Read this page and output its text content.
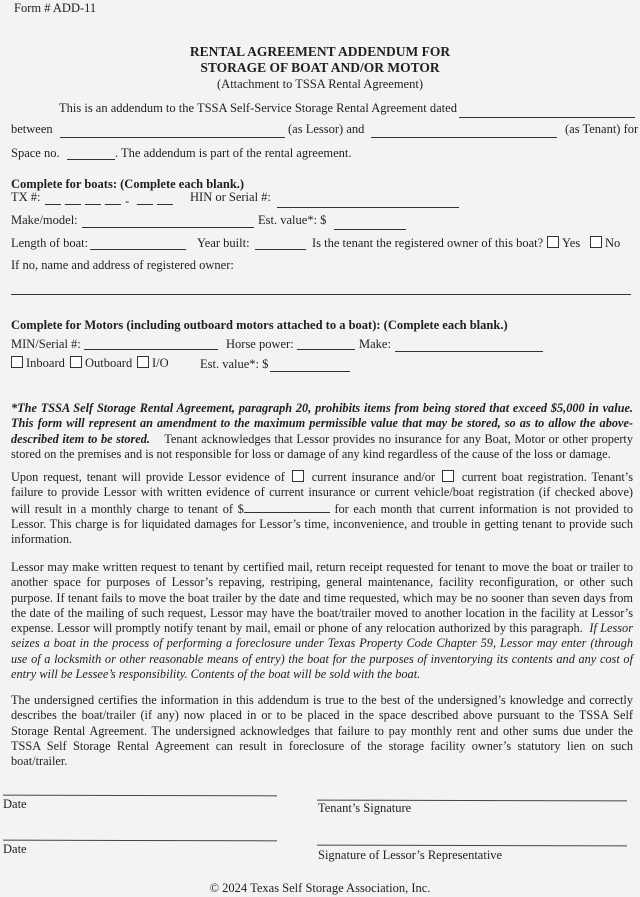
Form # ADD-11
RENTAL AGREEMENT ADDENDUM FOR
STORAGE OF BOAT AND/OR MOTOR
(Attachment to TSSA Rental Agreement)
This is an addendum to the TSSA Self-Service Storage Rental Agreement dated
between	(as Lessor) and	(as Tenant) for
Space no.	. The addendum is part of the rental agreement.
Complete for boats: (Complete each blank.)
TX #:	-	HIN or Serial #:
Make/model:	Est. value*: $
Length of boat:	Year built:	Is the tenant the registered owner of this boat?	Yes	No
If no, name and address of registered owner:
Complete for Motors (including outboard motors attached to a boat): (Complete each blank.)
MIN/Serial #:	Horse power:	Make:
Inboard	Outboard	I/O	Est. value*: $
*The TSSA Self Storage Rental Agreement, paragraph 20, prohibits items from being stored that exceed $5,000 in value. This form will represent an amendment to the maximum permissible value that may be stored, so as to allow the above-described item to be stored. Tenant acknowledges that Lessor provides no insurance for any Boat, Motor or other property stored on the premises and is not responsible for loss or damage of any kind regardless of the cause of the loss or damage.
Upon request, tenant will provide Lessor evidence of current insurance and/or current boat registration. Tenant’s failure to provide Lessor with written evidence of current insurance or current vehicle/boat registration (if checked above) will result in a monthly charge to tenant of $	for each month that current information is not provided to Lessor. This charge is for liquidated damages for Lessor’s time, inconvenience, and trouble in getting tenant to provide such information.
Lessor may make written request to tenant by certified mail, return receipt requested for tenant to move the boat or trailer to another space for purposes of Lessor’s repaving, restriping, general maintenance, facility reconfiguration, or other such purpose. If tenant fails to move the boat trailer by the date and time requested, which may be no sooner than seven days from the date of the mailing of such request, Lessor may have the boat/trailer moved to another location in the facility at Lessor’s expense. Lessor will promptly notify tenant by mail, email or phone of any relocation authorized by this paragraph. If Lessor seizes a boat in the process of performing a foreclosure under Texas Property Code Chapter 59, Lessor may enter (through use of a locksmith or other reasonable means of entry) the boat for the purposes of inventorying its contents and any cost of entry will be Lessee’s responsibility. Contents of the boat will be sold with the boat.
The undersigned certifies the information in this addendum is true to the best of the undersigned’s knowledge and correctly describes the boat/trailer (if any) now placed in or to be placed in the space described above pursuant to the TSSA Self Storage Rental Agreement. The undersigned acknowledges that failure to pay monthly rent and other sums due under the TSSA Self Storage Rental Agreement can result in foreclosure of the storage facility owner’s statutory lien on such boat/trailer.
Date	Tenant’s Signature
Date	Signature of Lessor’s Representative
© 2024 Texas Self Storage Association, Inc.
